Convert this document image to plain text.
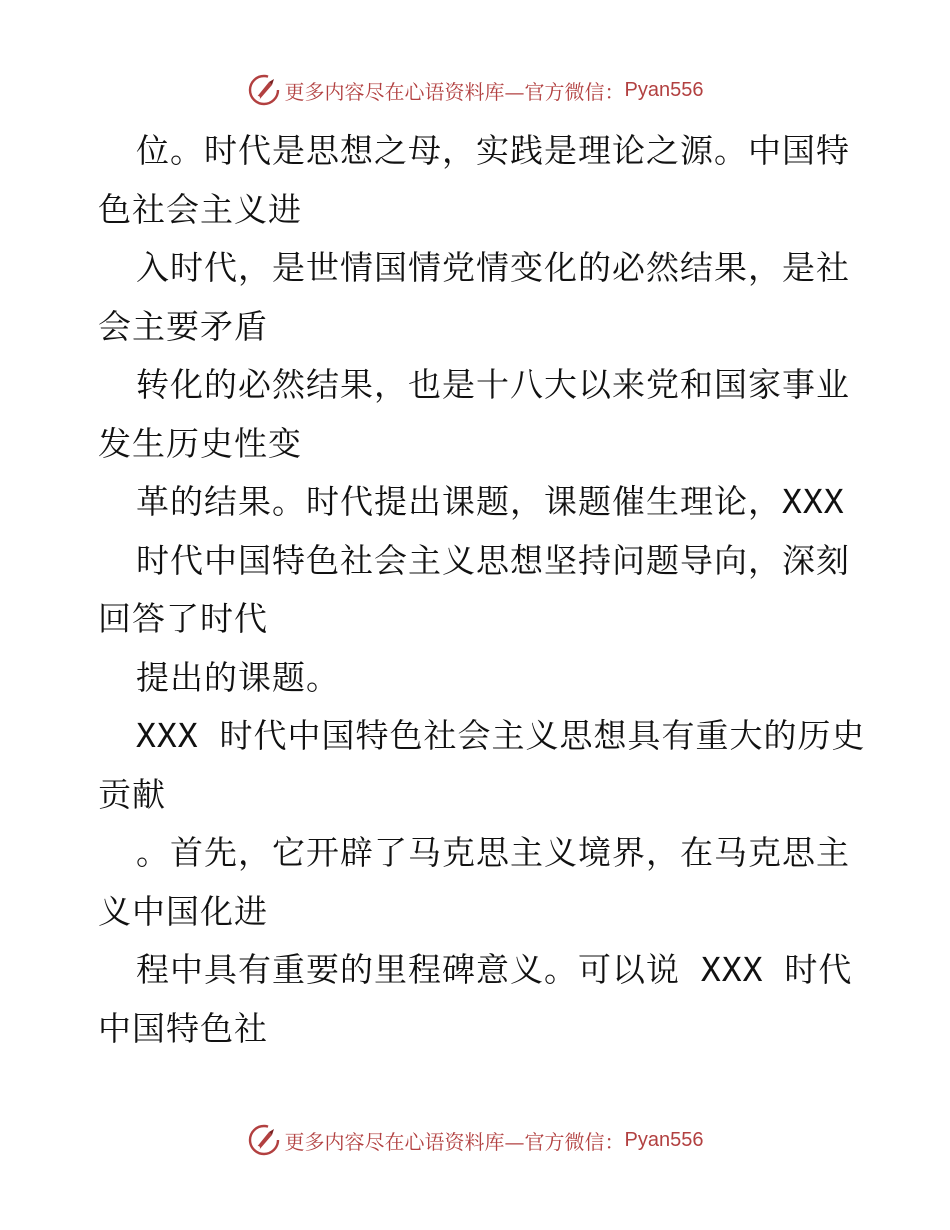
更多内容尽在心语资料库— 官方微信： Pyan556
位。时代是思想之母，实践是理论之源。中国特
色社会主义进
入时代，是世情国情党情变化的必然结果，是社
会主要矛盾
转化的必然结果，也是十八大以来党和国家事业
发生历史性变
革的结果。时代提出课题，课题催生理论，XXX
时代中国特色社会主义思想坚持问题导向，深刻
回答了时代
提出的课题。
XXX 时代中国特色社会主义思想具有重大的历史
贡献
。首先，它开辟了马克思主义境界，在马克思主
义中国化进
程中具有重要的里程碑意义。可以说 XXX 时代
中国特色社
更多内容尽在心语资料库— 官方微信： Pyan556
